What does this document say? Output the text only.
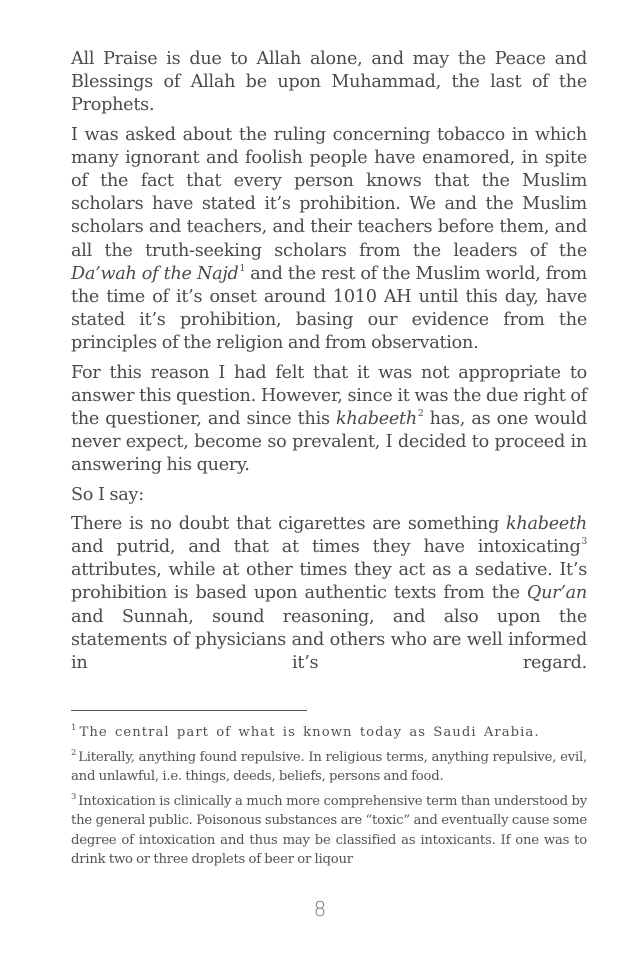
All Praise is due to Allah alone, and may the Peace and Blessings of Allah be upon Muhammad, the last of the Prophets.

I was asked about the ruling concerning tobacco in which many ignorant and foolish people have enamored, in spite of the fact that every person knows that the Muslim scholars have stated it’s prohibition. We and the Muslim scholars and teachers, and their teachers before them, and all the truth-seeking scholars from the leaders of the Da’wah of the Najd$^1$ and the rest of the Muslim world, from the time of it’s onset around 1010 AH until this day, have stated it’s prohibition, basing our evidence from the principles of the religion and from observation.

For this reason I had felt that it was not appropriate to answer this question. However, since it was the due right of the questioner, and since this khabeeth$^2$ has, as one would never expect, become so prevalent, I decided to proceed in answering his query.

So I say:

There is no doubt that cigarettes are something khabeeth and putrid, and that at times they have intoxicating$^3$ attributes, while at other times they act as a sedative. It’s prohibition is based upon authentic texts from the Qur’an and Sunnah, sound reasoning, and also upon the statements of physicians and others who are well informed in it’s regard.

$^1$ The central part of what is known today as Saudi Arabia.

$^2$ Literally, anything found repulsive. In religious terms, anything repulsive, evil, and unlawful, i.e. things, deeds, beliefs, persons and food.

$^3$ Intoxication is clinically a much more comprehensive term than understood by the general public. Poisonous substances are “toxic” and eventually cause some degree of intoxication and thus may be classified as intoxicants. If one was to drink two or three droplets of beer or liqour

8
